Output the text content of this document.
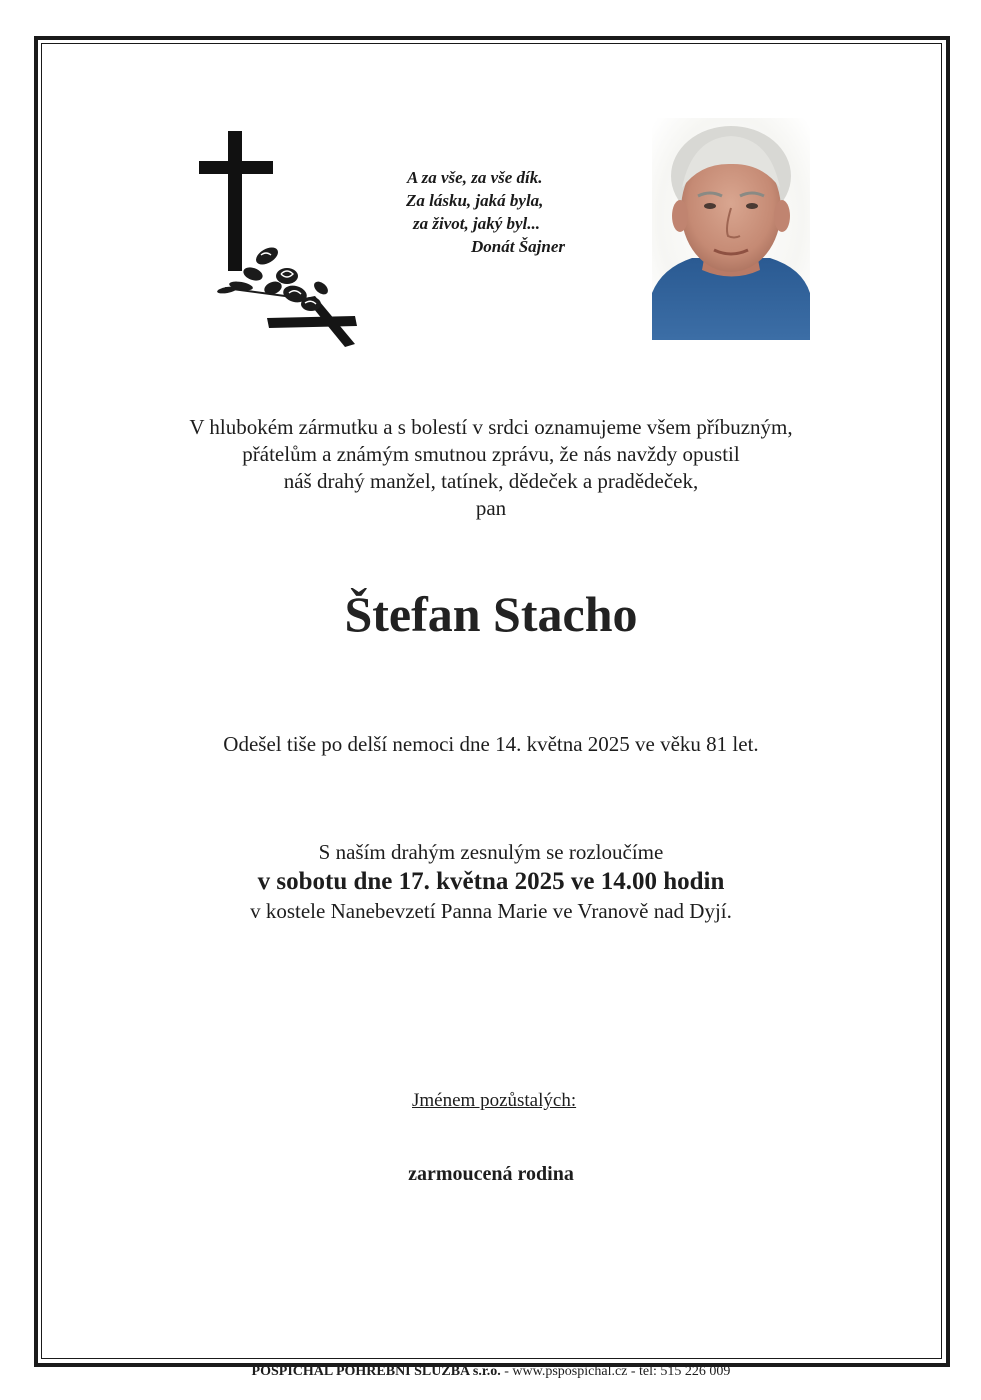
A za vše, za vše dík.
Za lásku, jaká byla,
za život, jaký byl...
Donát Šajner
V hlubokém zármutku a s bolestí v srdci oznamujeme všem příbuzným,
přátelům a známým smutnou zprávu, že nás navždy opustil
náš drahý manžel, tatínek, dědeček a pradědeček,
pan
Štefan Stacho
Odešel tiše po delší nemoci dne 14. května 2025 ve věku 81 let.
S naším drahým zesnulým se rozloučíme
v sobotu dne 17. května 2025 ve 14.00 hodin
v kostele Nanebevzetí Panna Marie ve Vranově nad Dyjí.
Jménem pozůstalých:
zarmoucená rodina
POSPÍCHAL POHŘEBNÍ SLUŽBA s.r.o. - www.pspospichal.cz - tel: 515 226 009
